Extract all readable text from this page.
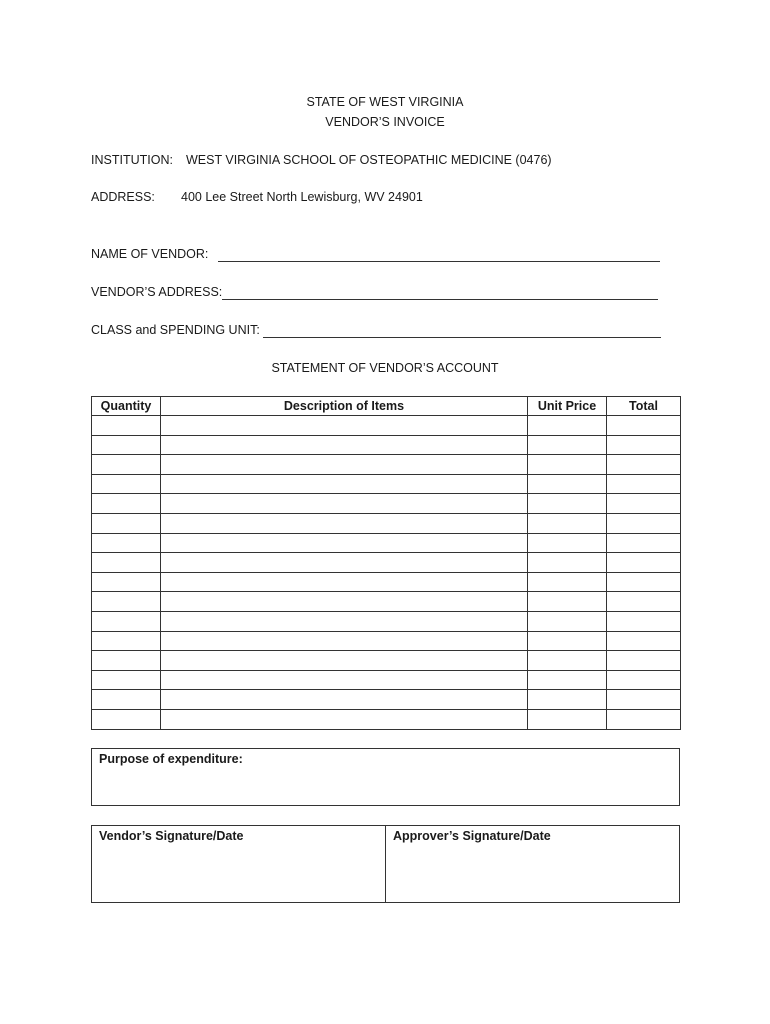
STATE OF WEST VIRGINIA
VENDOR’S INVOICE
INSTITUTION: WEST VIRGINIA SCHOOL OF OSTEOPATHIC MEDICINE (0476)
ADDRESS: 400 Lee Street North Lewisburg, WV 24901
NAME OF VENDOR:
VENDOR’S ADDRESS:
CLASS and SPENDING UNIT:
STATEMENT OF VENDOR’S ACCOUNT
Quantity	Description of Items	Unit Price	Total

Purpose of expenditure:
Vendor’s Signature/Date	Approver’s Signature/Date
